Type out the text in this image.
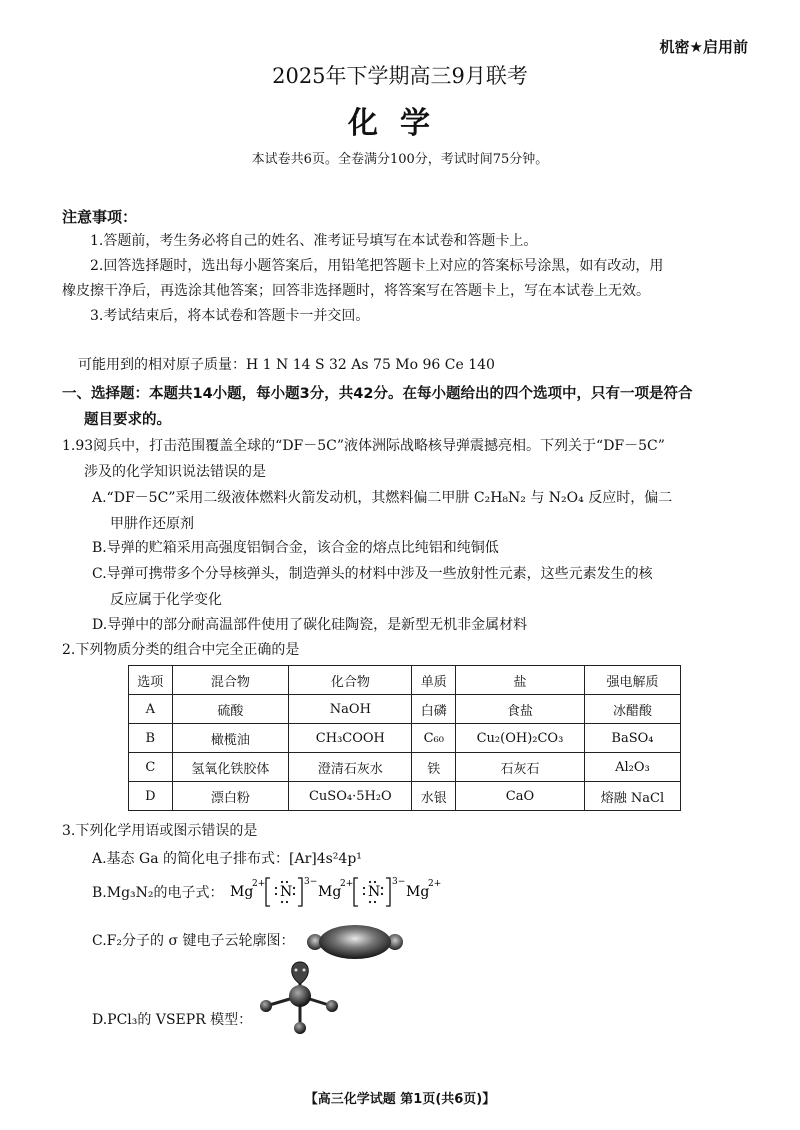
机密★启用前
2025年下学期高三9月联考
化学
本试卷共6页。全卷满分100分，考试时间75分钟。
注意事项：
1.答题前，考生务必将自己的姓名、准考证号填写在本试卷和答题卡上。
2.回答选择题时，选出每小题答案后，用铅笔把答题卡上对应的答案标号涂黑，如有改动，用
橡皮擦干净后，再选涂其他答案；回答非选择题时，将答案写在答题卡上，写在本试卷上无效。
3.考试结束后，将本试卷和答题卡一并交回。
可能用到的相对原子质量：H 1 N 14 S 32 As 75 Mo 96 Ce 140
一、选择题：本题共14小题，每小题3分，共42分。在每小题给出的四个选项中，只有一项是符合
题目要求的。
1.93阅兵中，打击范围覆盖全球的“DF－5C”液体洲际战略核导弹震撼亮相。下列关于“DF－5C”
涉及的化学知识说法错误的是
A.“DF－5C”采用二级液体燃料火箭发动机，其燃料偏二甲肼 C₂H₈N₂ 与 N₂O₄ 反应时，偏二
甲肼作还原剂
B.导弹的贮箱采用高强度铝铜合金，该合金的熔点比纯铝和纯铜低
C.导弹可携带多个分导核弹头，制造弹头的材料中涉及一些放射性元素，这些元素发生的核
反应属于化学变化
D.导弹中的部分耐高温部件使用了碳化硅陶瓷，是新型无机非金属材料
2.下列物质分类的组合中完全正确的是
选项	混合物	化合物	单质	盐	强电解质
A	硫酸	NaOH	白磷	食盐	冰醋酸
B	橄榄油	CH₃COOH	C₆₀	Cu₂(OH)₂CO₃	BaSO₄
C	氢氧化铁胶体	澄清石灰水	铁	石灰石	Al₂O₃
D	漂白粉	CuSO₄·5H₂O	水银	CaO	熔融 NaCl
3.下列化学用语或图示错误的是
A.基态 Ga 的简化电子排布式：[Ar]4s²4p¹
B.Mg₃N₂的电子式： Mg
2+ N
3−
Mg
2+ N
3−
Mg
2+
C.F₂分子的 σ 键电子云轮廓图：
D.PCl₃的 VSEPR 模型：
【高三化学试题 第1页(共6页)】
